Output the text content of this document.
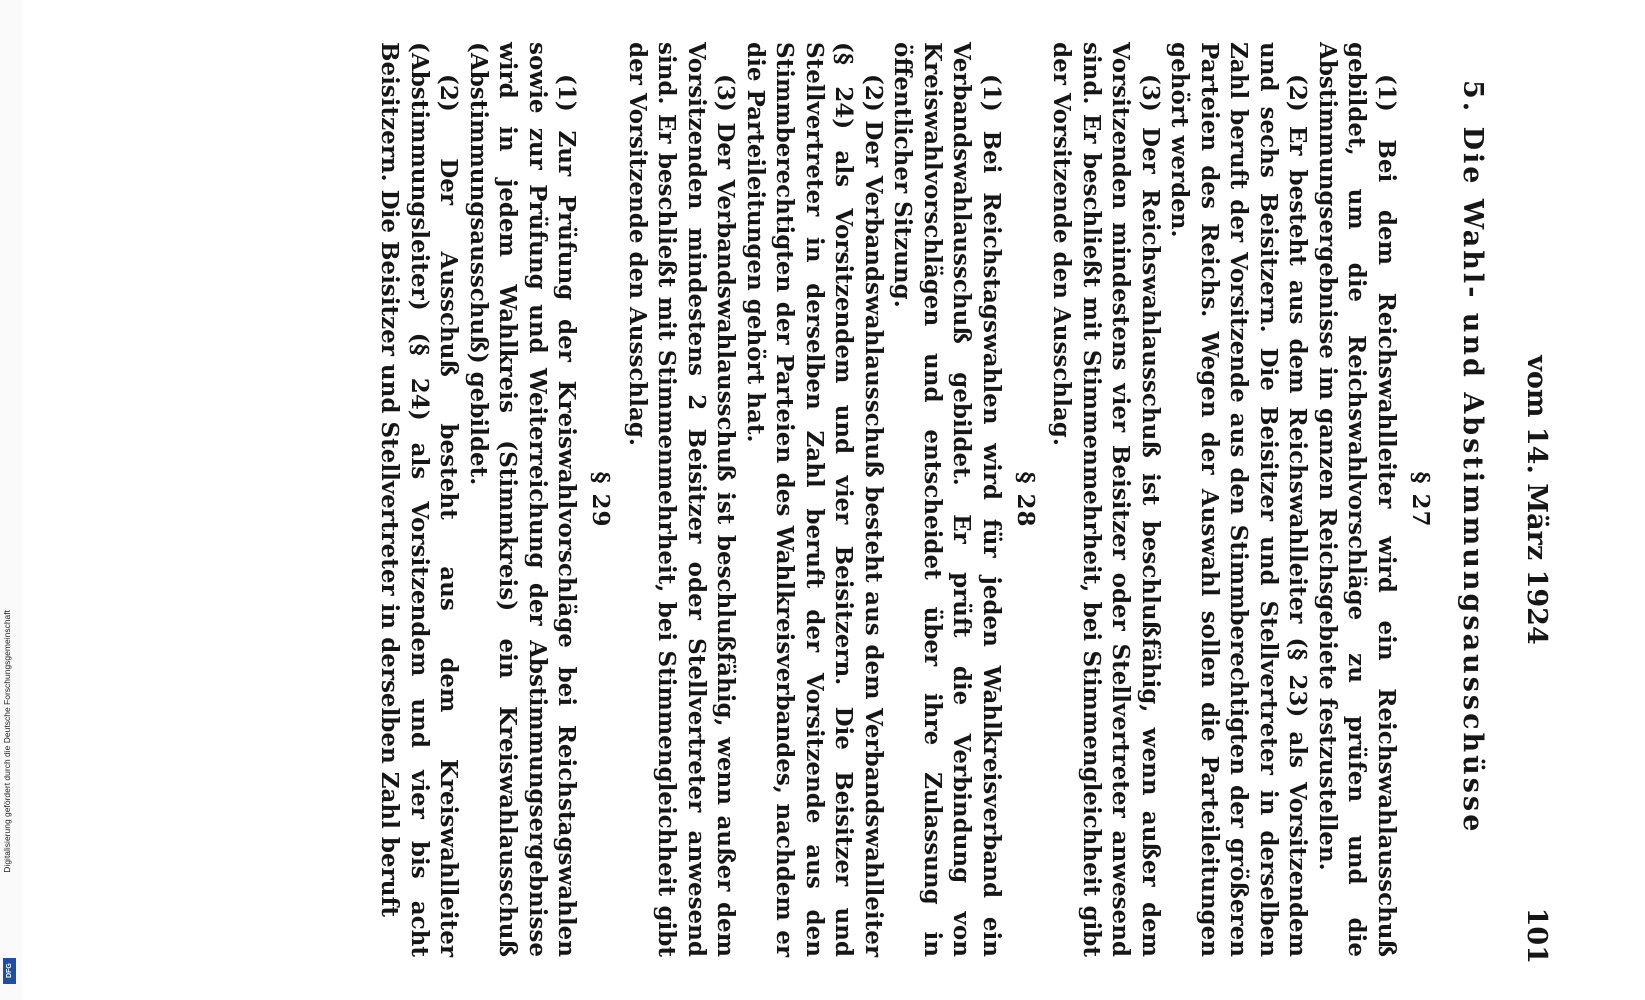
Digitalisierung gefördert durch die Deutsche Forschungsgemeinschaft
DFG
vom 14. März 1924
101
5. Die Wahl- und Abstimmungsausschüsse
§ 27

(1) Bei dem Reichswahlleiter wird ein Reichswahlausschuß gebildet, um die Reichswahlvorschläge zu prüfen und die Abstimmungsergebnisse im ganzen Reichsgebiete festzustellen.

(2) Er besteht aus dem Reichswahlleiter (§ 23) als Vorsitzendem und sechs Beisitzern. Die Beisitzer und Stellvertreter in derselben Zahl beruft der Vorsitzende aus den Stimmberechtigten der größeren Parteien des Reichs. Wegen der Auswahl sollen die Parteileitungen gehört werden.

(3) Der Reichswahlausschuß ist beschlußfähig, wenn außer dem Vorsitzenden mindestens vier Beisitzer oder Stellvertreter anwesend sind. Er beschließt mit Stimmenmehrheit, bei Stimmengleichheit gibt der Vorsitzende den Ausschlag.

§ 28

(1) Bei Reichstagswahlen wird für jeden Wahlkreisverband ein Verbandswahlausschuß gebildet. Er prüft die Verbindung von Kreiswahlvorschlägen und entscheidet über ihre Zulassung in öffentlicher Sitzung.

(2) Der Verbandswahlausschuß besteht aus dem Verbandswahlleiter (§ 24) als Vorsitzendem und vier Beisitzern. Die Beisitzer und Stellvertreter in derselben Zahl beruft der Vorsitzende aus den Stimmberechtigten der Parteien des Wahlkreisverbandes, nachdem er die Parteileitungen gehört hat.

(3) Der Verbandswahlausschuß ist beschlußfähig, wenn außer dem Vorsitzenden mindestens 2 Beisitzer oder Stellvertreter anwesend sind. Er beschließt mit Stimmenmehrheit, bei Stimmengleichheit gibt der Vorsitzende den Ausschlag.

§ 29

(1) Zur Prüfung der Kreiswahlvorschläge bei Reichstagswahlen sowie zur Prüfung und Weiterreichung der Abstimmungsergebnisse wird in jedem Wahlkreis (Stimmkreis) ein Kreiswahlausschuß (Abstimmungsausschuß) gebildet.

(2) Der Ausschuß besteht aus dem Kreiswahlleiter (Abstimmungsleiter) (§ 24) als Vorsitzendem und vier bis acht Beisitzern. Die Beisitzer und Stellvertreter in derselben Zahl beruft
